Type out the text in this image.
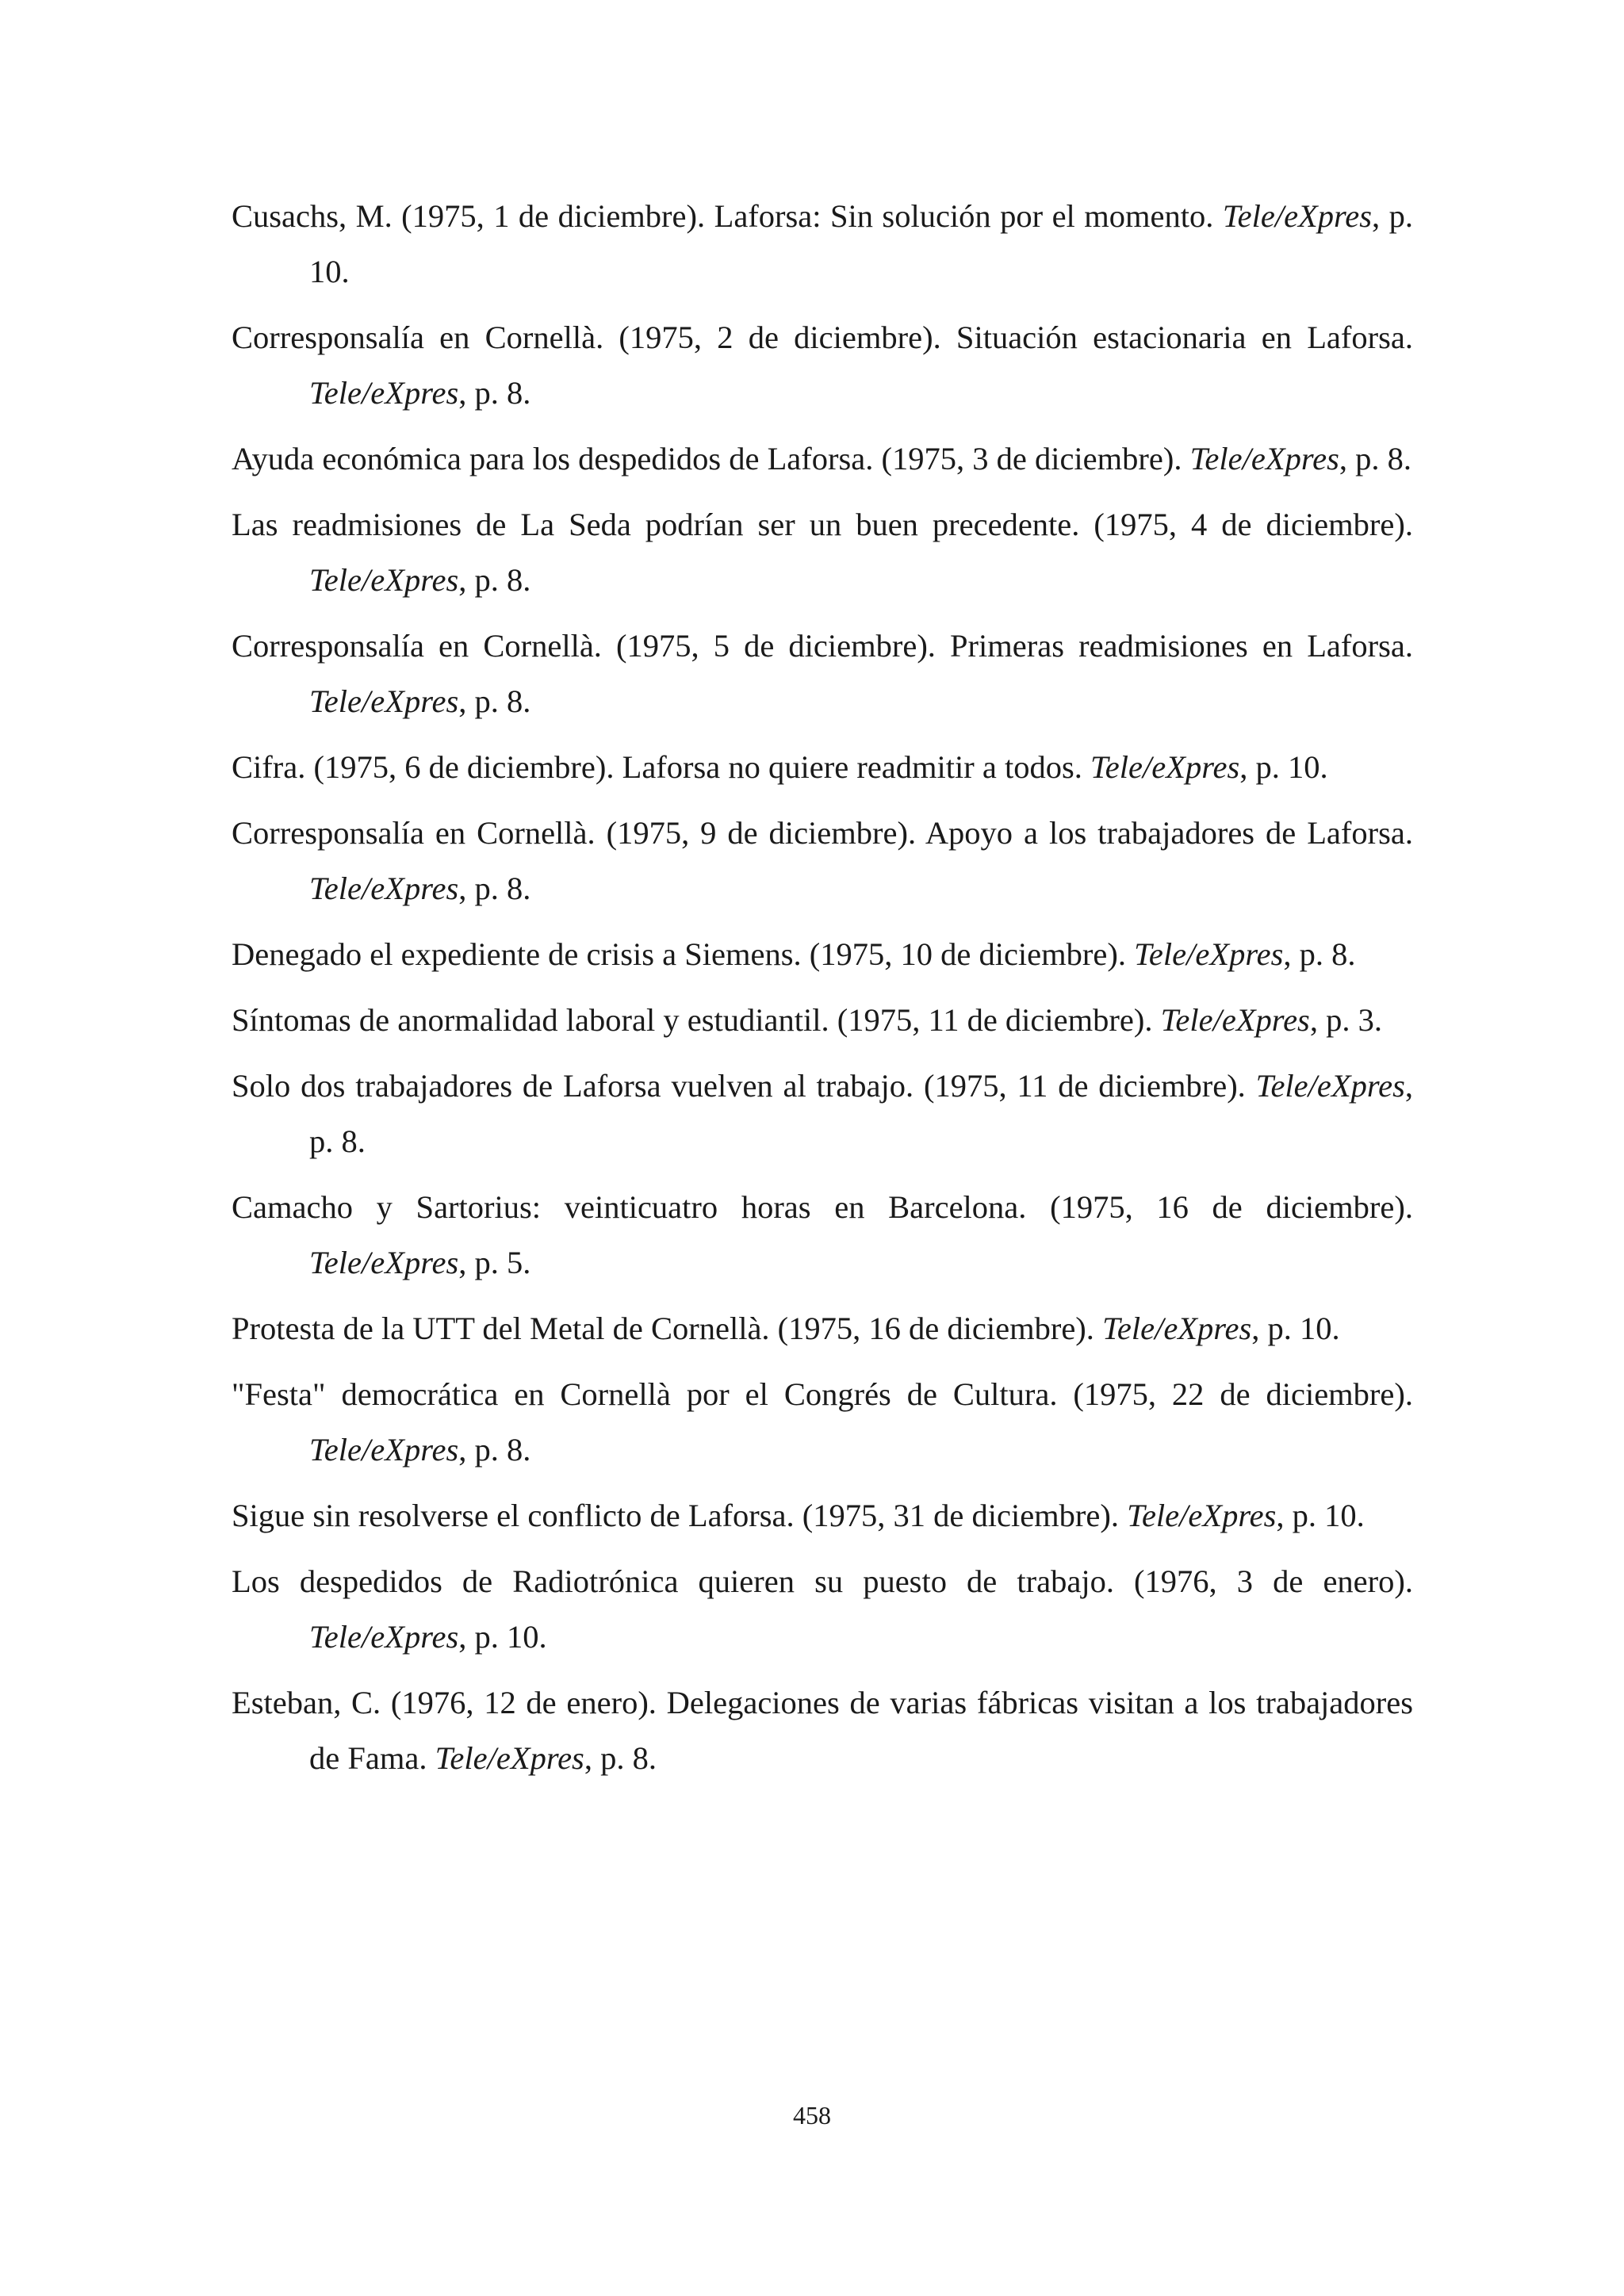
Cusachs, M. (1975, 1 de diciembre). Laforsa: Sin solución por el momento. Tele/eXpres, p. 10.
Corresponsalía en Cornellà. (1975, 2 de diciembre). Situación estacionaria en Laforsa. Tele/eXpres, p. 8.
Ayuda económica para los despedidos de Laforsa. (1975, 3 de diciembre). Tele/eXpres, p. 8.
Las readmisiones de La Seda podrían ser un buen precedente. (1975, 4 de diciembre). Tele/eXpres, p. 8.
Corresponsalía en Cornellà. (1975, 5 de diciembre). Primeras readmisiones en Laforsa. Tele/eXpres, p. 8.
Cifra. (1975, 6 de diciembre). Laforsa no quiere readmitir a todos. Tele/eXpres, p. 10.
Corresponsalía en Cornellà. (1975, 9 de diciembre). Apoyo a los trabajadores de Laforsa. Tele/eXpres, p. 8.
Denegado el expediente de crisis a Siemens. (1975, 10 de diciembre). Tele/eXpres, p. 8.
Síntomas de anormalidad laboral y estudiantil. (1975, 11 de diciembre). Tele/eXpres, p. 3.
Solo dos trabajadores de Laforsa vuelven al trabajo. (1975, 11 de diciembre). Tele/eXpres, p. 8.
Camacho y Sartorius: veinticuatro horas en Barcelona. (1975, 16 de diciembre). Tele/eXpres, p. 5.
Protesta de la UTT del Metal de Cornellà. (1975, 16 de diciembre). Tele/eXpres, p. 10.
"Festa" democrática en Cornellà por el Congrés de Cultura. (1975, 22 de diciembre). Tele/eXpres, p. 8.
Sigue sin resolverse el conflicto de Laforsa. (1975, 31 de diciembre). Tele/eXpres, p. 10.
Los despedidos de Radiotrónica quieren su puesto de trabajo. (1976, 3 de enero). Tele/eXpres, p. 10.
Esteban, C. (1976, 12 de enero). Delegaciones de varias fábricas visitan a los trabajadores de Fama. Tele/eXpres, p. 8.
458
